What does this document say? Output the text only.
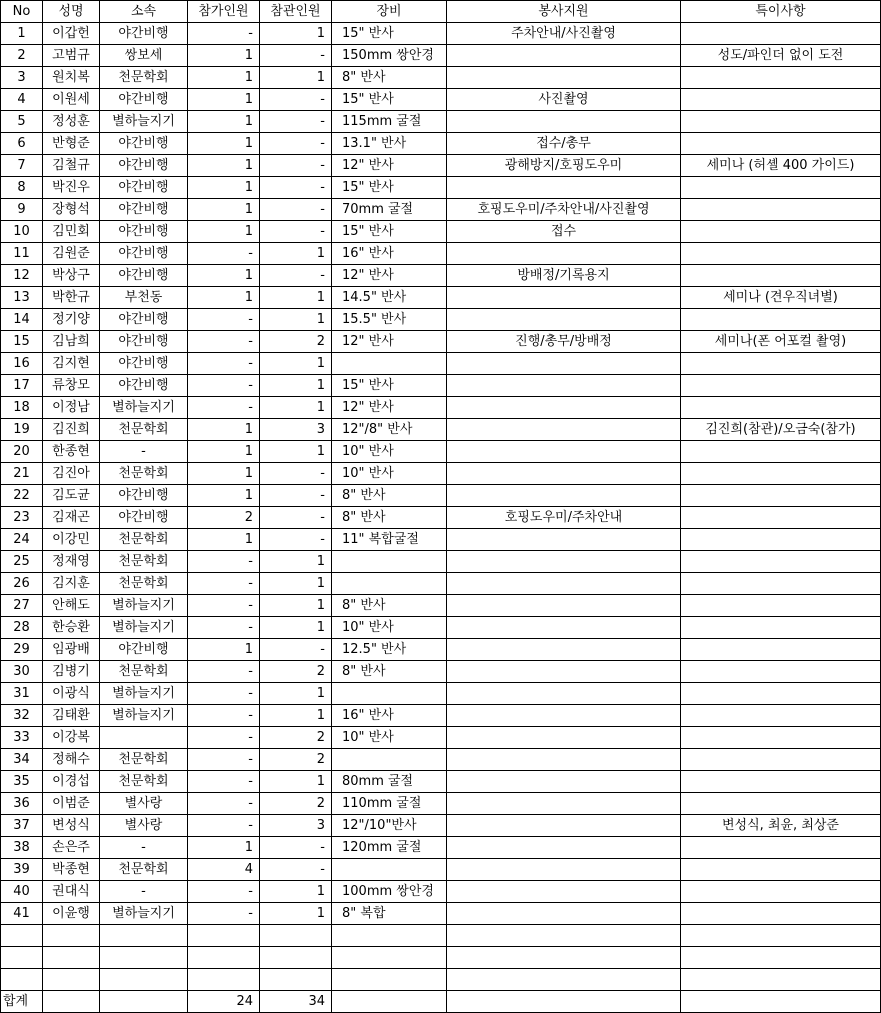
No	성명	소속	참가인원	참관인원	장비	봉사지원	특이사항
1	이갑헌	야간비행	-	1	15" 반사	주차안내/사진촬영	
2	고범규	쌍보세	1	-	150mm 쌍안경		성도/파인더 없이 도전
3	원치복	천문학회	1	1	8" 반사		
4	이원세	야간비행	1	-	15" 반사	사진촬영	
5	정성훈	별하늘지기	1	-	115mm 굴절		
6	반형준	야간비행	1	-	13.1" 반사	접수/총무	
7	김철규	야간비행	1	-	12" 반사	광해방지/호핑도우미	세미나 (허셸 400 가이드)
8	박진우	야간비행	1	-	15" 반사		
9	장형석	야간비행	1	-	70mm 굴절	호핑도우미/주차안내/사진촬영	
10	김민회	야간비행	1	-	15" 반사	접수	
11	김원준	야간비행	-	1	16" 반사		
12	박상구	야간비행	1	-	12" 반사	방배정/기록용지	
13	박한규	부천동	1	1	14.5" 반사		세미나 (견우직녀별)
14	정기양	야간비행	-	1	15.5" 반사		
15	김남희	야간비행	-	2	12" 반사	진행/총무/방배정	세미나(폰 어포컬 촬영)
16	김지현	야간비행	-	1			
17	류창모	야간비행	-	1	15" 반사		
18	이정남	별하늘지기	-	1	12" 반사		
19	김진희	천문학회	1	3	12"/8" 반사		김진희(참관)/오금숙(참가)
20	한종현	-	1	1	10" 반사		
21	김진아	천문학회	1	-	10" 반사		
22	김도균	야간비행	1	-	8" 반사		
23	김재곤	야간비행	2	-	8" 반사	호핑도우미/주차안내	
24	이강민	천문학회	1	-	11" 복합굴절		
25	정재영	천문학회	-	1			
26	김지훈	천문학회	-	1			
27	안해도	별하늘지기	-	1	8" 반사		
28	한승환	별하늘지기	-	1	10" 반사		
29	임광배	야간비행	1	-	12.5" 반사		
30	김병기	천문학회	-	2	8" 반사		
31	이광식	별하늘지기	-	1			
32	김태환	별하늘지기	-	1	16" 반사		
33	이강복		-	2	10" 반사		
34	정해수	천문학회	-	2			
35	이경섭	천문학회	-	1	80mm 굴절		
36	이범준	별사랑	-	2	110mm 굴절		
37	변성식	별사랑	-	3	12"/10"반사		변성식, 최윤, 최상준
38	손은주	-	1	-	120mm 굴절		
39	박종현	천문학회	4	-			
40	권대식	-	-	1	100mm 쌍안경		
41	이윤행	별하늘지기	-	1	8" 복합		

합계			24	34			
